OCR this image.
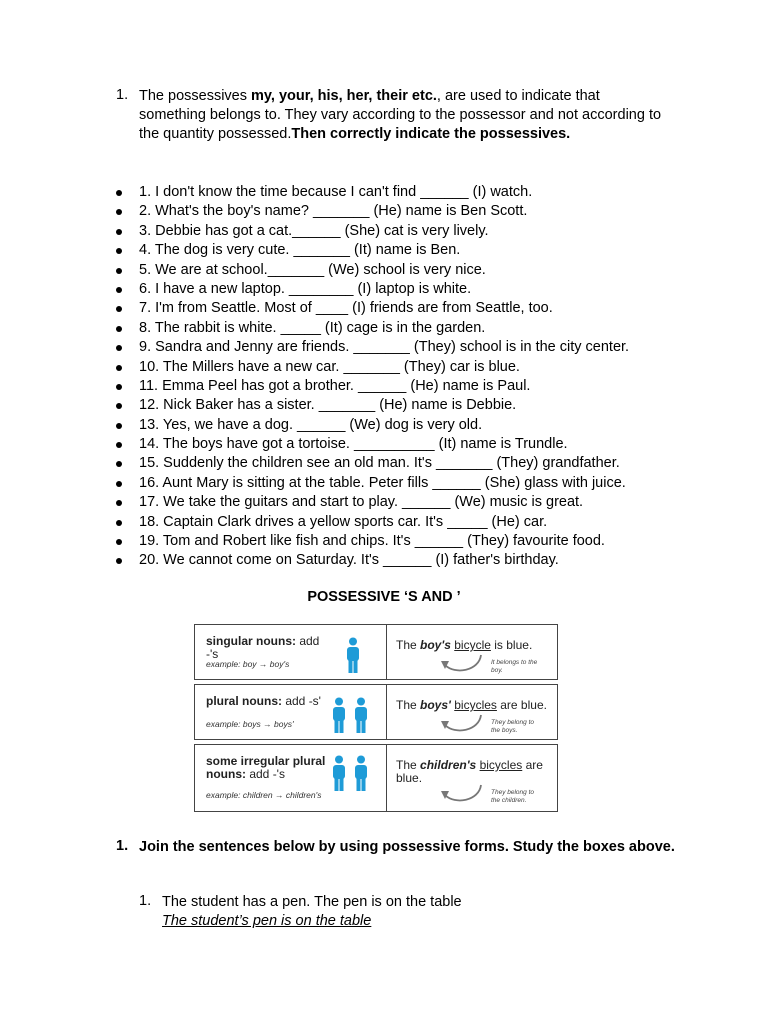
1. The possessives my, your, his, her, their etc., are used to indicate that something belongs to. They vary according to the possessor and not according to the quantity possessed.Then correctly indicate the possessives.
1. I don't know the time because I can't find ______ (I) watch.
2. What's the boy's name? _______ (He) name is Ben Scott.
3. Debbie has got a cat.______ (She) cat is very lively.
4. The dog is very cute. _______ (It) name is Ben.
5. We are at school._______ (We) school is very nice.
6. I have a new laptop. ________ (I) laptop is white.
7. I'm from Seattle. Most of ____ (I) friends are from Seattle, too.
8. The rabbit is white. _____ (It) cage is in the garden.
9. Sandra and Jenny are friends. _______ (They) school is in the city center.
10. The Millers have a new car. _______ (They) car is blue.
11. Emma Peel has got a brother. ______ (He) name is Paul.
12. Nick Baker has a sister. _______ (He) name is Debbie.
13. Yes, we have a dog. ______ (We) dog is very old.
14. The boys have got a tortoise. __________ (It) name is Trundle.
15. Suddenly the children see an old man. It's _______ (They) grandfather.
16. Aunt Mary is sitting at the table. Peter fills ______ (She) glass with juice.
17. We take the guitars and start to play. ______ (We) music is great.
18. Captain Clark drives a yellow sports car. It's _____ (He) car.
19. Tom and Robert like fish and chips. It's ______ (They) favourite food.
20. We cannot come on Saturday. It's ______ (I) father's birthday.
POSSESSIVE ‘S AND ’
singular nouns: add -'s
example: boy → boy's
The boy's bicycle is blue.
It belongs to the boy.
plural nouns: add -s'
example: boys → boys'
The boys' bicycles are blue.
They belong to the boys.
some irregular plural nouns: add -'s
example: children → children's
The children's bicycles are blue.
They belong to the children.
1. Join the sentences below by using possessive forms. Study the boxes above.
1. The student has a pen. The pen is on the table
The student’s pen is on the table
